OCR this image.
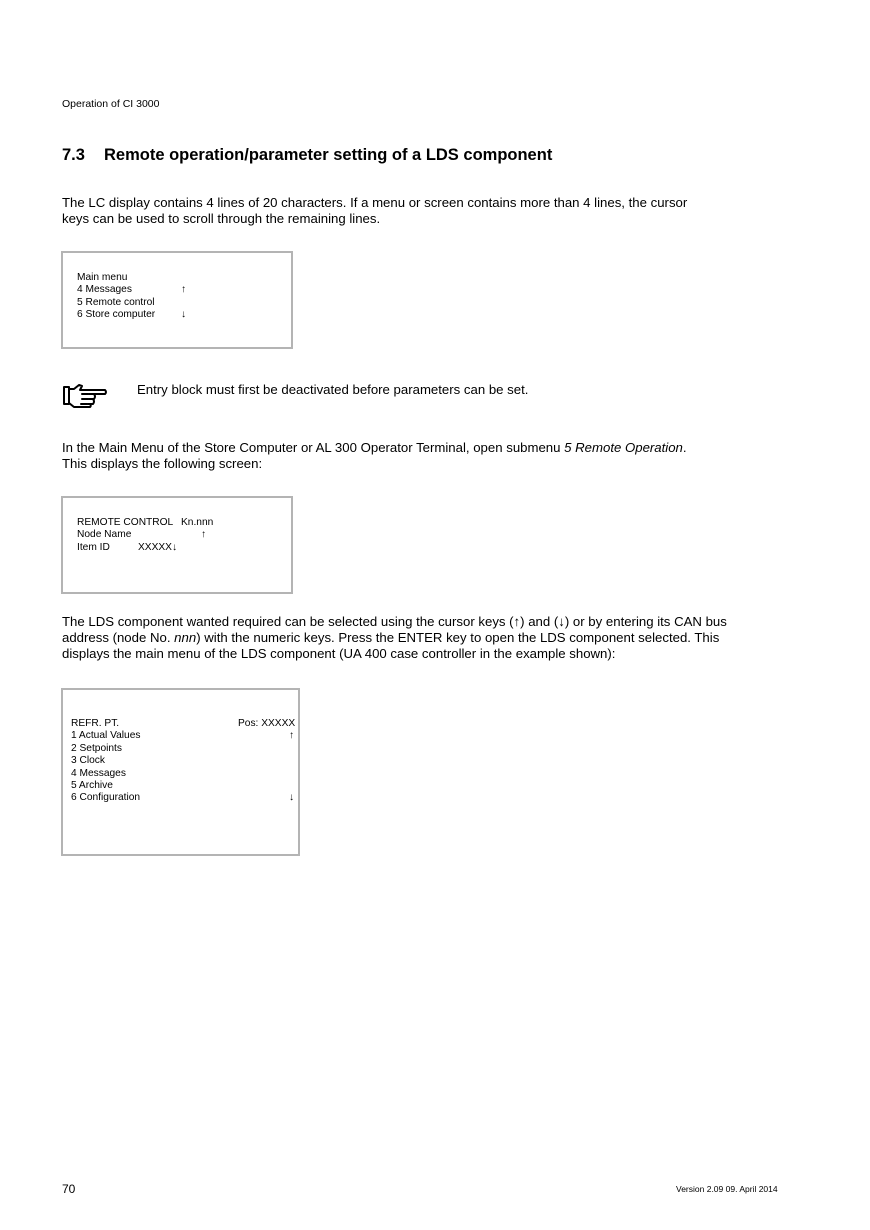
Operation of CI 3000
7.3 Remote operation/parameter setting of a LDS component
The LC display contains 4 lines of 20 characters. If a menu or screen contains more than 4 lines, the cursor
keys can be used to scroll through the remaining lines.
Main menu
4 Messages	↑
5 Remote control
6 Store computer	↓
Entry block must first be deactivated before parameters can be set.
In the Main Menu of the Store Computer or AL 300 Operator Terminal, open submenu 5 Remote Operation.
This displays the following screen:
REMOTE CONTROL Kn.nnn
Node Name	↑
Item ID	XXXXX↓
The LDS component wanted required can be selected using the cursor keys (↑) and (↓) or by entering its CAN bus
address (node No. nnn) with the numeric keys. Press the ENTER key to open the LDS component selected. This
displays the main menu of the LDS component (UA 400 case controller in the example shown):
REFR. PT.	Pos: XXXXX
1 Actual Values	↑
2 Setpoints
3 Clock
4 Messages
5 Archive
6 Configuration	↓
70	Version 2.09 09. April 2014
